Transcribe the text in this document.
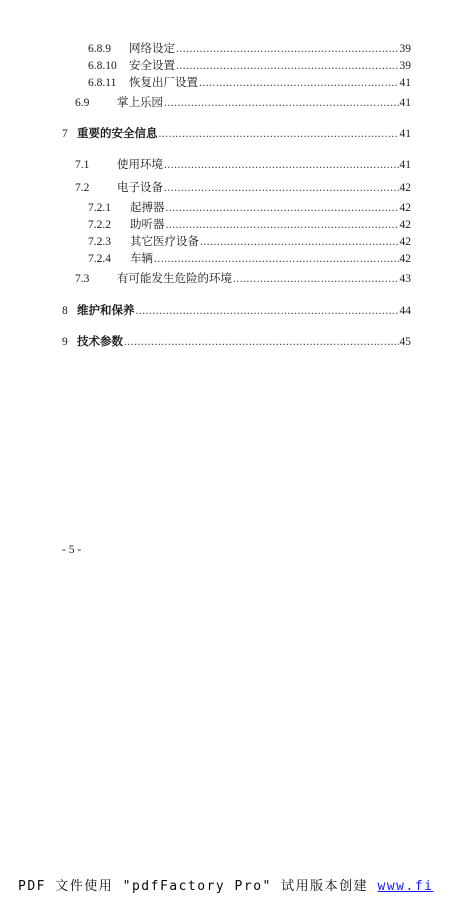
6.8.9	网络设定 .....	39
6.8.10	安全设置 .....	39
6.8.11	恢复出厂设置 .....	41
6.9	掌上乐园 .....	41
7 重要的安全信息 .....	41
7.1	使用环境 .....	41
7.2	电子设备 .....	42
7.2.1	起搏器 .....	42
7.2.2	助听器 .....	42
7.2.3	其它医疗设备 .....	42
7.2.4	车辆 .....	42
7.3	有可能发生危险的环境 .....	43
8 维护和保养 .....	44
9 技术参数 .....	45
- 5 -
PDF 文件使用 "pdfFactory Pro" 试用版本创建 www.fi
